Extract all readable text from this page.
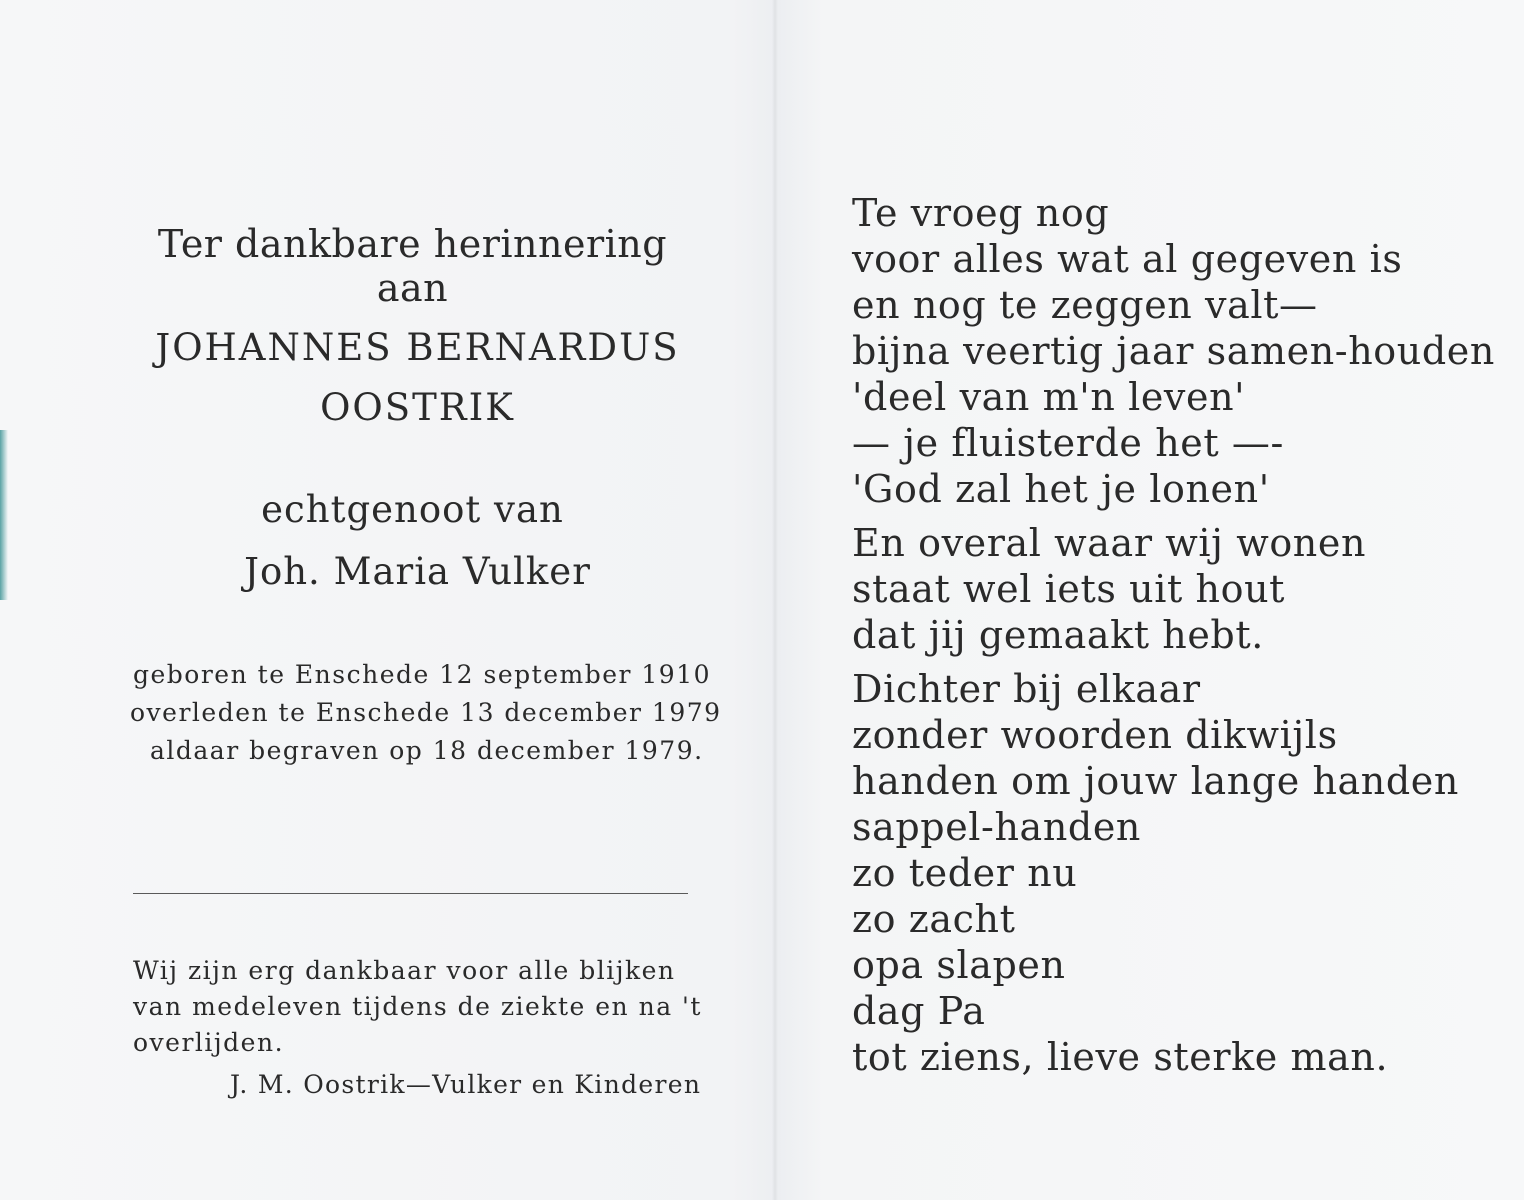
Ter dankbare herinnering aan
JOHANNES BERNARDUS
OOSTRIK
echtgenoot van
Joh. Maria Vulker
geboren te Enschede 12 september 1910
overleden te Enschede 13 december 1979
aldaar begraven op 18 december 1979.
Wij zijn erg dankbaar voor alle blijken
van medeleven tijdens de ziekte en na 't
overlijden.
J. M. Oostrik—Vulker en Kinderen
Te vroeg nog
voor alles wat al gegeven is
en nog te zeggen valt—
bijna veertig jaar samen-houden
'deel van m'n leven'
— je fluisterde het —-
'God zal het je lonen'
En overal waar wij wonen
staat wel iets uit hout
dat jij gemaakt hebt.
Dichter bij elkaar
zonder woorden dikwijls
handen om jouw lange handen
sappel-handen
zo teder nu
zo zacht
opa slapen
dag Pa
tot ziens, lieve sterke man.
